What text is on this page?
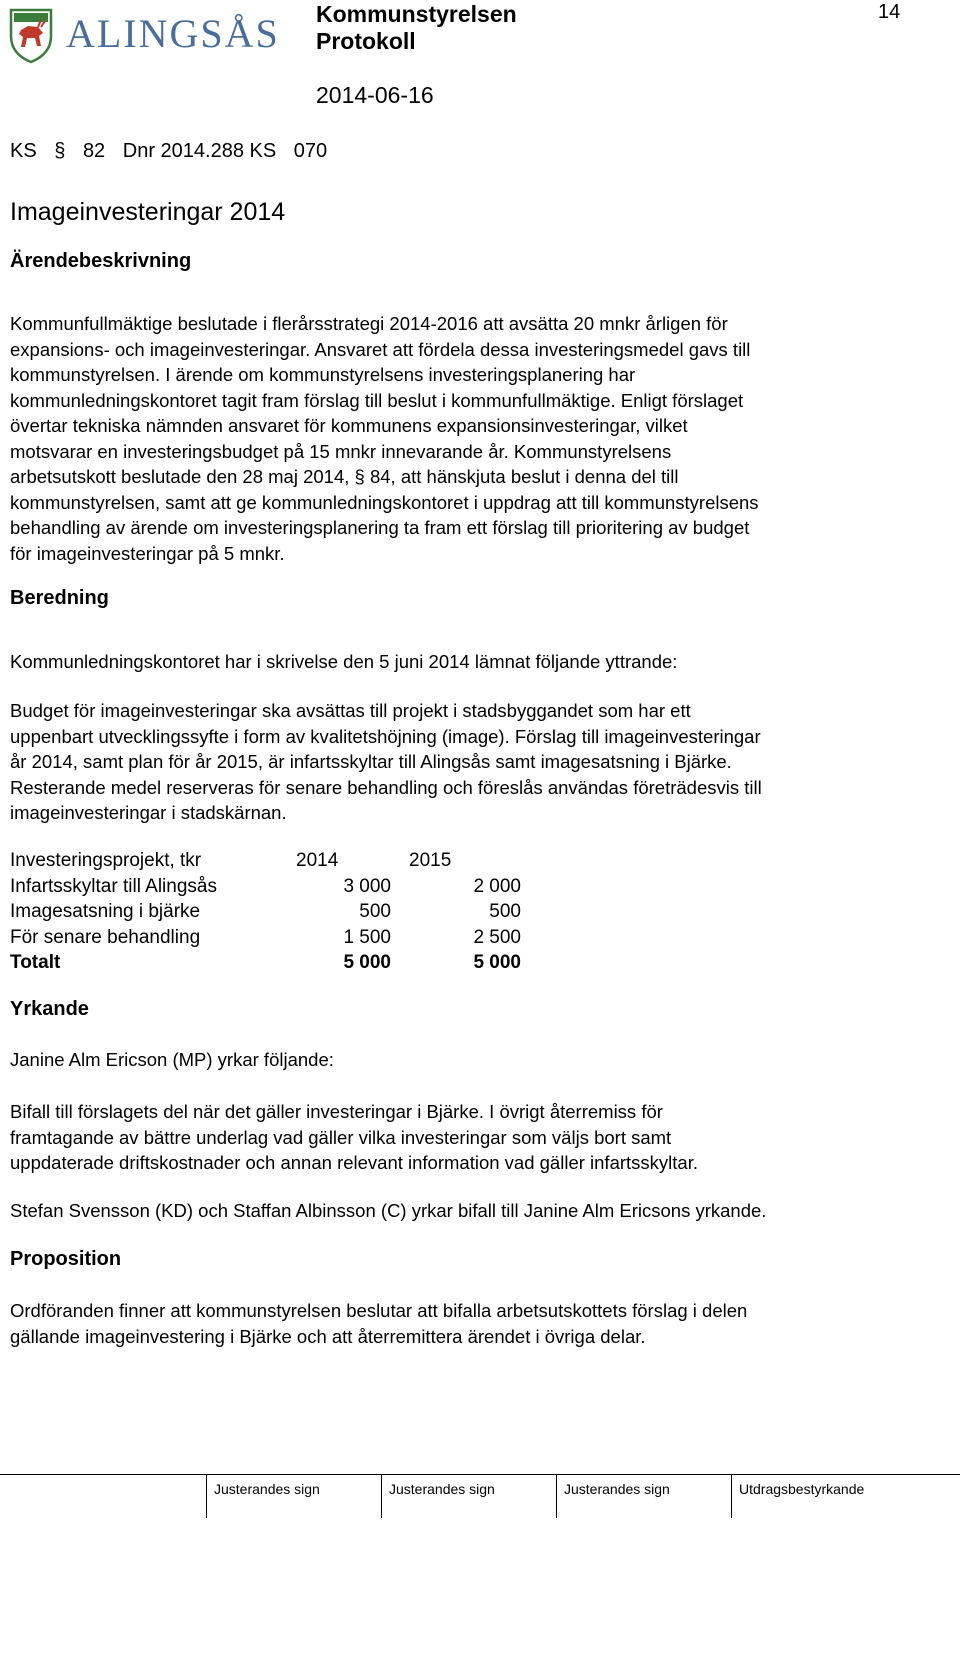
ALINGSÅS Kommunstyrelsen
Protokoll
2014-06-16
14
KS § 82 Dnr 2014.288 KS 070
Imageinvesteringar 2014
Ärendebeskrivning
Kommunfullmäktige beslutade i flerårsstrategi 2014-2016 att avsätta 20 mnkr årligen för
expansions- och imageinvesteringar. Ansvaret att fördela dessa investeringsmedel gavs till
kommunstyrelsen. I ärende om kommunstyrelsens investeringsplanering har
kommunledningskontoret tagit fram förslag till beslut i kommunfullmäktige. Enligt förslaget
övertar tekniska nämnden ansvaret för kommunens expansionsinvesteringar, vilket
motsvarar en investeringsbudget på 15 mnkr innevarande år. Kommunstyrelsens
arbetsutskott beslutade den 28 maj 2014, § 84, att hänskjuta beslut i denna del till
kommunstyrelsen, samt att ge kommunledningskontoret i uppdrag att till kommunstyrelsens
behandling av ärende om investeringsplanering ta fram ett förslag till prioritering av budget
för imageinvesteringar på 5 mnkr.
Beredning
Kommunledningskontoret har i skrivelse den 5 juni 2014 lämnat följande yttrande:
Budget för imageinvesteringar ska avsättas till projekt i stadsbyggandet som har ett
uppenbart utvecklingssyfte i form av kvalitetshöjning (image). Förslag till imageinvesteringar
år 2014, samt plan för år 2015, är infartsskyltar till Alingsås samt imagesatsning i Bjärke.
Resterande medel reserveras för senare behandling och föreslås användas företrädesvis till
imageinvesteringar i stadskärnan.
Investeringsprojekt, tkr	2014	2015
Infartsskyltar till Alingsås	3 000	2 000
Imagesatsning i bjärke	500	500
För senare behandling	1 500	2 500
Totalt	5 000	5 000
Yrkande
Janine Alm Ericson (MP) yrkar följande:
Bifall till förslagets del när det gäller investeringar i Bjärke. I övrigt återremiss för
framtagande av bättre underlag vad gäller vilka investeringar som väljs bort samt
uppdaterade driftskostnader och annan relevant information vad gäller infartsskyltar.
Stefan Svensson (KD) och Staffan Albinsson (C) yrkar bifall till Janine Alm Ericsons yrkande.
Proposition
Ordföranden finner att kommunstyrelsen beslutar att bifalla arbetsutskottets förslag i delen
gällande imageinvestering i Bjärke och att återremittera ärendet i övriga delar.
Justerandes sign	Justerandes sign	Justerandes sign	Utdragsbestyrkande
